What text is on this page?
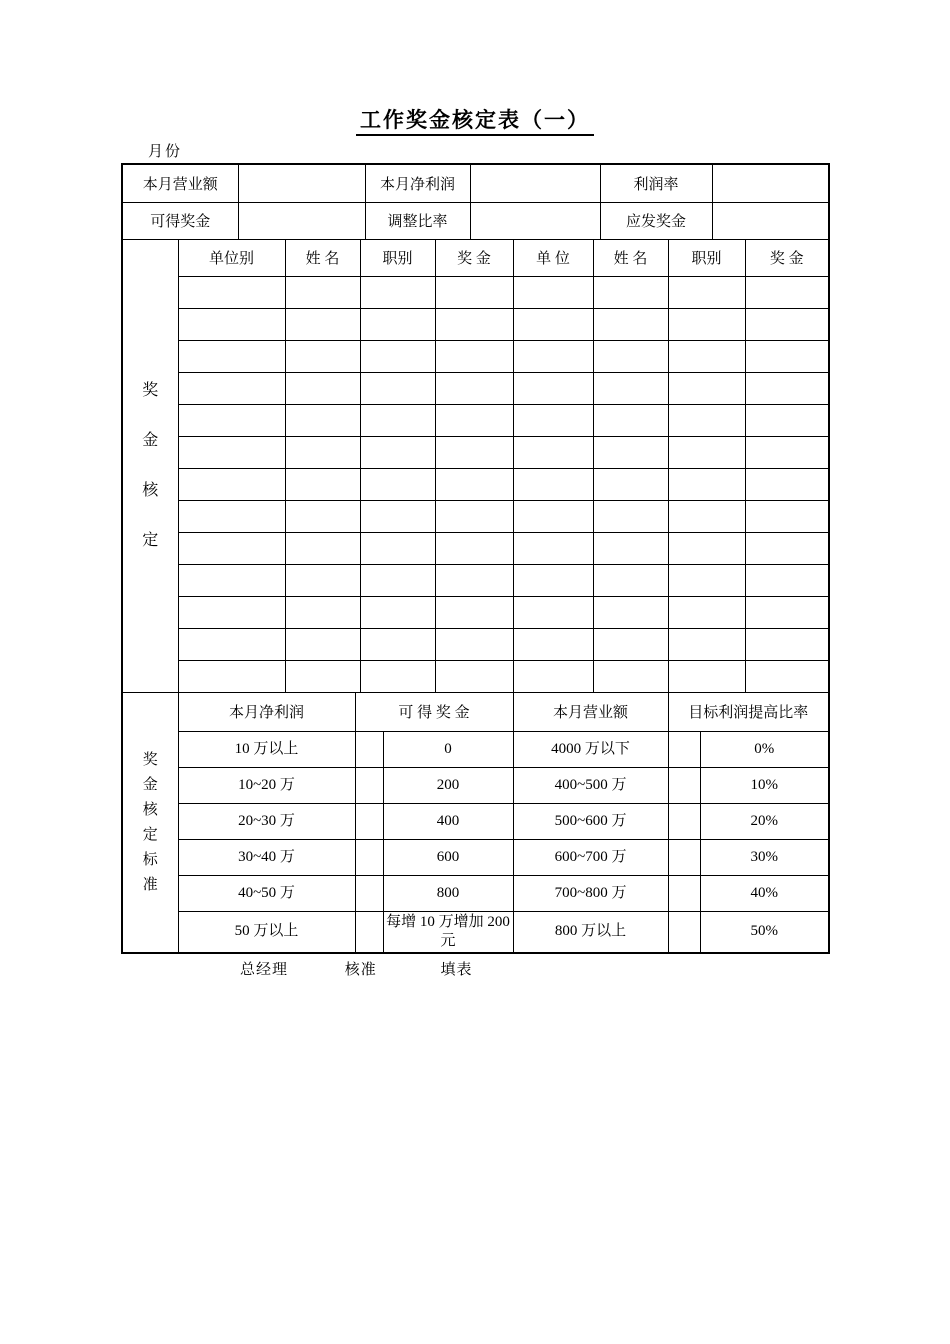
工作奖金核定表（一）
月份
本月营业额		本月净利润		利润率	
可得奖金		调整比率		应发奖金	
奖
金
核
定	单位别	姓 名	职别	奖 金	单 位	姓 名	职别	奖 金

奖
金
核
定
标
准
	本月净利润	可 得 奖 金	本月营业额	目标利润提高比率
	10 万以上		0	4000 万以下		0%
	10~20 万		200	400~500 万		10%
	20~30 万		400	500~600 万		20%
	30~40 万		600	600~700 万		30%
	40~50 万		800	700~800 万		40%
	50 万以上		每增 10 万增加 200 元	800 万以上		50%
总经理	核准	填表
